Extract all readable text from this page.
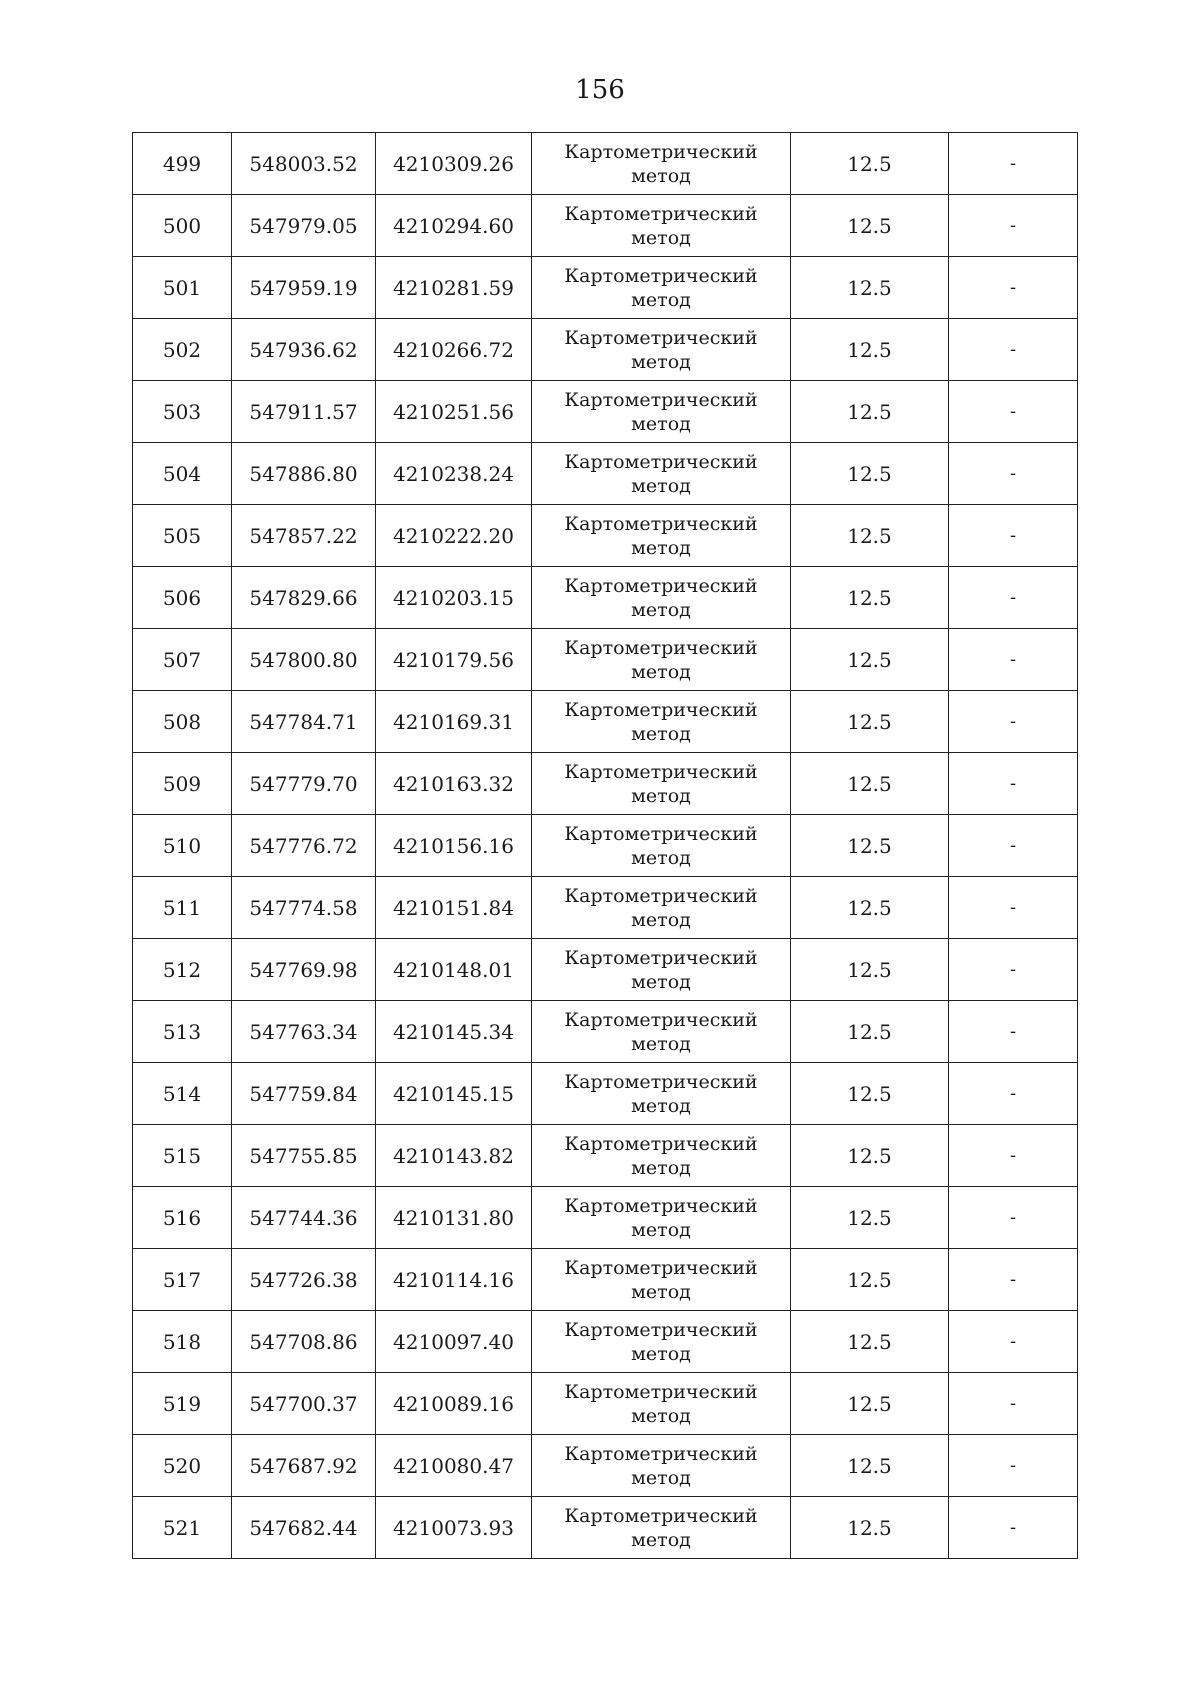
156
499	548003.52	4210309.26	Картометрический метод	12.5	-
500	547979.05	4210294.60	Картометрический метод	12.5	-
501	547959.19	4210281.59	Картометрический метод	12.5	-
502	547936.62	4210266.72	Картометрический метод	12.5	-
503	547911.57	4210251.56	Картометрический метод	12.5	-
504	547886.80	4210238.24	Картометрический метод	12.5	-
505	547857.22	4210222.20	Картометрический метод	12.5	-
506	547829.66	4210203.15	Картометрический метод	12.5	-
507	547800.80	4210179.56	Картометрический метод	12.5	-
508	547784.71	4210169.31	Картометрический метод	12.5	-
509	547779.70	4210163.32	Картометрический метод	12.5	-
510	547776.72	4210156.16	Картометрический метод	12.5	-
511	547774.58	4210151.84	Картометрический метод	12.5	-
512	547769.98	4210148.01	Картометрический метод	12.5	-
513	547763.34	4210145.34	Картометрический метод	12.5	-
514	547759.84	4210145.15	Картометрический метод	12.5	-
515	547755.85	4210143.82	Картометрический метод	12.5	-
516	547744.36	4210131.80	Картометрический метод	12.5	-
517	547726.38	4210114.16	Картометрический метод	12.5	-
518	547708.86	4210097.40	Картометрический метод	12.5	-
519	547700.37	4210089.16	Картометрический метод	12.5	-
520	547687.92	4210080.47	Картометрический метод	12.5	-
521	547682.44	4210073.93	Картометрический метод	12.5	-
